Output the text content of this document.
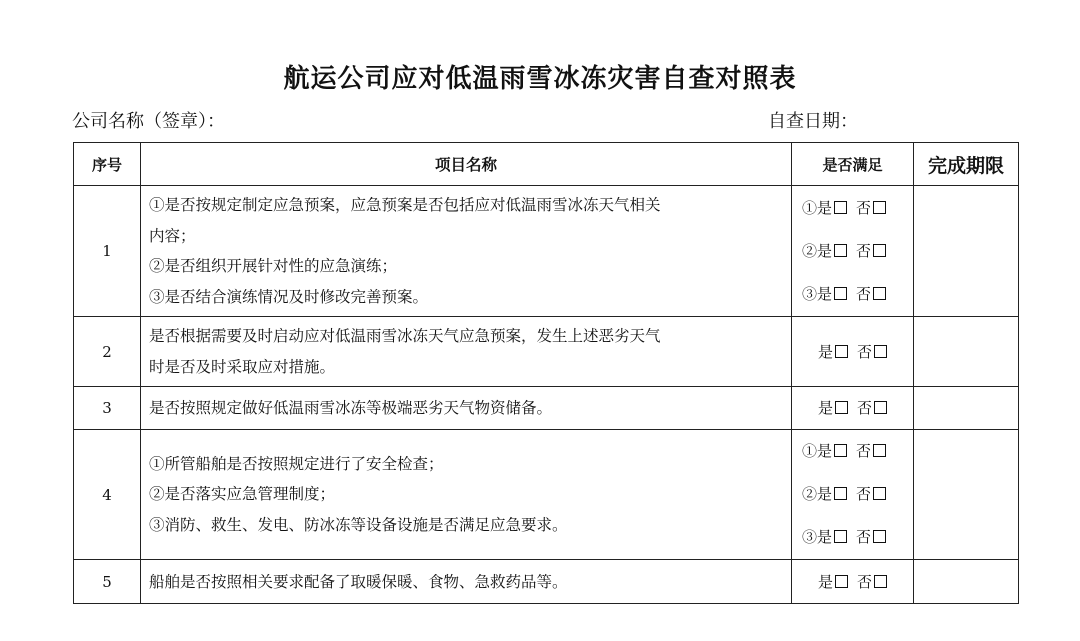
航运公司应对低温雨雪冰冻灾害自查对照表
公司名称（签章）：	自查日期：
序号	项目名称	是否满足	完成期限
1	①是否按规定制定应急预案，应急预案是否包括应对低温雨雪冰冻天气相关
内容；
②是否组织开展针对性的应急演练；
③是否结合演练情况及时修改完善预案。	①是 否
②是 否
③是 否	

2	是否根据需要及时启动应对低温雨雪冰冻天气应急预案，发生上述恶劣天气
时是否及时采取应对措施。	是 否	

3	是否按照规定做好低温雨雪冰冻等极端恶劣天气物资储备。	是 否	

4	①所管船舶是否按照规定进行了安全检查；
②是否落实应急管理制度；
③消防、救生、发电、防冰冻等设备设施是否满足应急要求。	①是 否
②是 否
③是 否	

5	船舶是否按照相关要求配备了取暖保暖、食物、急救药品等。	是 否	
